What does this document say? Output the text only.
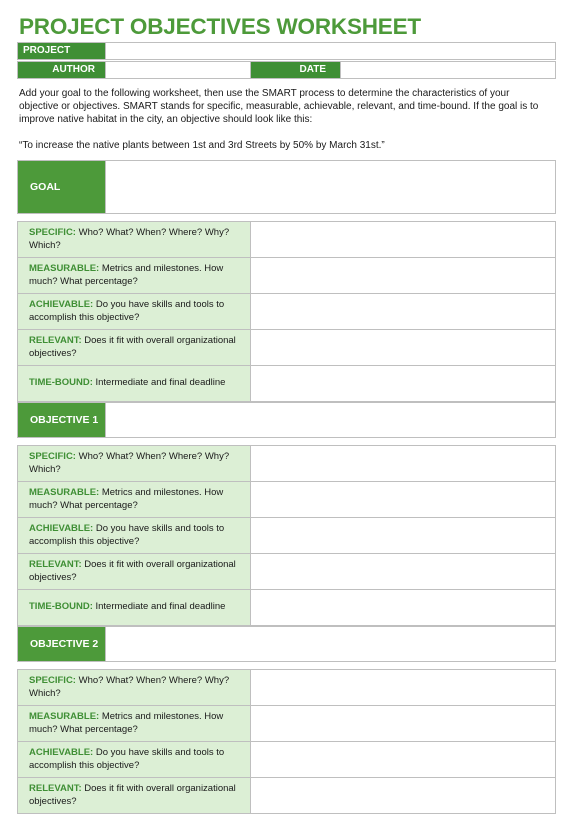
PROJECT OBJECTIVES WORKSHEET
PROJECT
AUTHOR	DATE
Add your goal to the following worksheet, then use the SMART process to determine the characteristics of your objective or objectives. SMART stands for specific, measurable, achievable, relevant, and time-bound. If the goal is to improve native habitat in the city, an objective should look like this:
“To increase the native plants between 1st and 3rd Streets by 50% by March 31st.”
GOAL
SPECIFIC: Who? What? When? Where? Why? Which?
MEASURABLE: Metrics and milestones. How much? What percentage?
ACHIEVABLE: Do you have skills and tools to accomplish this objective?
RELEVANT: Does it fit with overall organizational objectives?
TIME-BOUND: Intermediate and final deadline
OBJECTIVE 1
SPECIFIC: Who? What? When? Where? Why? Which?
MEASURABLE: Metrics and milestones. How much? What percentage?
ACHIEVABLE: Do you have skills and tools to accomplish this objective?
RELEVANT: Does it fit with overall organizational objectives?
TIME-BOUND: Intermediate and final deadline
OBJECTIVE 2
SPECIFIC: Who? What? When? Where? Why? Which?
MEASURABLE: Metrics and milestones. How much? What percentage?
ACHIEVABLE: Do you have skills and tools to accomplish this objective?
RELEVANT: Does it fit with overall organizational objectives?
